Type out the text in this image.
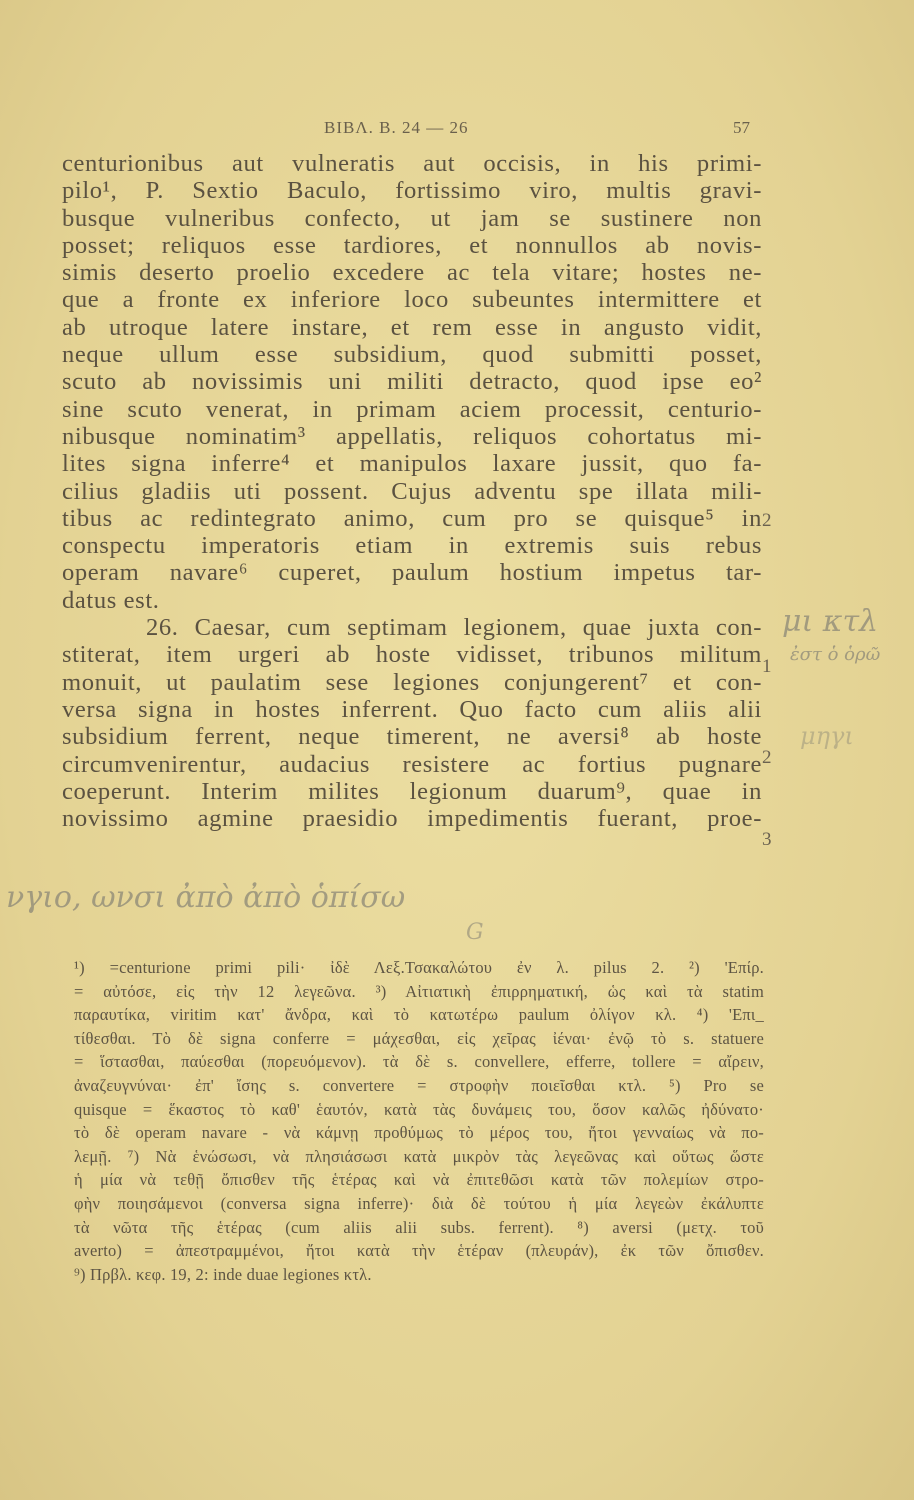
BIBΛ. B. 24 — 26	57
centurionibus aut vulneratis aut occisis, in his primi-
pilo¹, P. Sextio Baculo, fortissimo viro, multis gravi-
busque vulneribus confecto, ut jam se sustinere non
posset; reliquos esse tardiores, et nonnullos ab novis-
simis deserto proelio excedere ac tela vitare; hostes ne-
que a fronte ex inferiore loco subeuntes intermittere et
ab utroque latere instare, et rem esse in angusto vidit,
neque ullum esse subsidium, quod submitti posset,
scuto ab novissimis uni militi detracto, quod ipse eo²
sine scuto venerat, in primam aciem processit, centurio-
nibusque nominatim³ appellatis, reliquos cohortatus mi-
lites signa inferre⁴ et manipulos laxare jussit, quo fa-
cilius gladiis uti possent. Cujus adventu spe illata mili-
tibus ac redintegrato animo, cum pro se quisque⁵ in
conspectu imperatoris etiam in extremis suis rebus
operam navare⁶ cuperet, paulum hostium impetus tar-
datus est.
26. Caesar, cum septimam legionem, quae juxta con-
stiterat, item urgeri ab hoste vidisset, tribunos militum
monuit, ut paulatim sese legiones conjungerent⁷ et con-
versa signa in hostes inferrent. Quo facto cum aliis alii
subsidium ferrent, neque timerent, ne aversi⁸ ab hoste
circumvenirentur, audacius resistere ac fortius pugnare
coeperunt. Interim milites legionum duarum⁹, quae in
novissimo agmine praesidio impedimentis fuerant, proe-
2
1
2
3
μι κτλ
ἐστ ὁ ὁρῶ
μηγι
νγιο, ωνσι ἀπὸ ἀπὸ ὁπίσω
G
¹) =centurione primi pili· ἰδὲ Λεξ.Τσακαλώτου ἐν λ. pilus 2. ²) 'Επίρ.
= αὐτόσε, εἰς τὴν 12 λεγεῶνα. ³) Αἰτιατικὴ ἐπιρρηματική, ὡς καὶ τὰ statim
παραυτίκα, viritim κατ' ἄνδρα, καὶ τὸ κατωτέρω paulum ὀλίγον κλ. ⁴) 'Επι_
τίθεσθαι. Τὸ δὲ signa conferre = μάχεσθαι, εἰς χεῖρας ἰέναι· ἐνῷ τὸ s. statuere
= ἵστασθαι, παύεσθαι (πορευόμενον). τὰ δὲ s. convellere, efferre, tollere = αἴρειν,
ἀναζευγνύναι· ἐπ' ἴσης s. convertere = στροφὴν ποιεῖσθαι κτλ. ⁵) Pro se
quisque = ἕκαστος τὸ καθ' ἑαυτόν, κατὰ τὰς δυνάμεις του, ὅσον καλῶς ἠδύνατο·
τὸ δὲ operam navare - νὰ κάμνῃ προθύμως τὸ μέρος του, ἤτοι γενναίως νὰ πο-
λεμῇ. ⁷) Νὰ ἑνώσωσι, νὰ πλησιάσωσι κατὰ μικρὸν τὰς λεγεῶνας καὶ οὕτως ὥστε
ἡ μία νὰ τεθῇ ὄπισθεν τῆς ἑτέρας καὶ νὰ ἐπιτεθῶσι κατὰ τῶν πολεμίων στρο-
φὴν ποιησάμενοι (conversa signa inferre)· διὰ δὲ τούτου ἡ μία λεγεὼν ἐκάλυπτε
τὰ νῶτα τῆς ἑτέρας (cum aliis alii subs. ferrent). ⁸) aversi (μετχ. τοῦ
averto) = ἀπεστραμμένοι, ἤτοι κατὰ τὴν ἑτέραν (πλευράν), ἐκ τῶν ὄπισθεν.
⁹) Πρβλ. κεφ. 19, 2: inde duae legiones κτλ.
